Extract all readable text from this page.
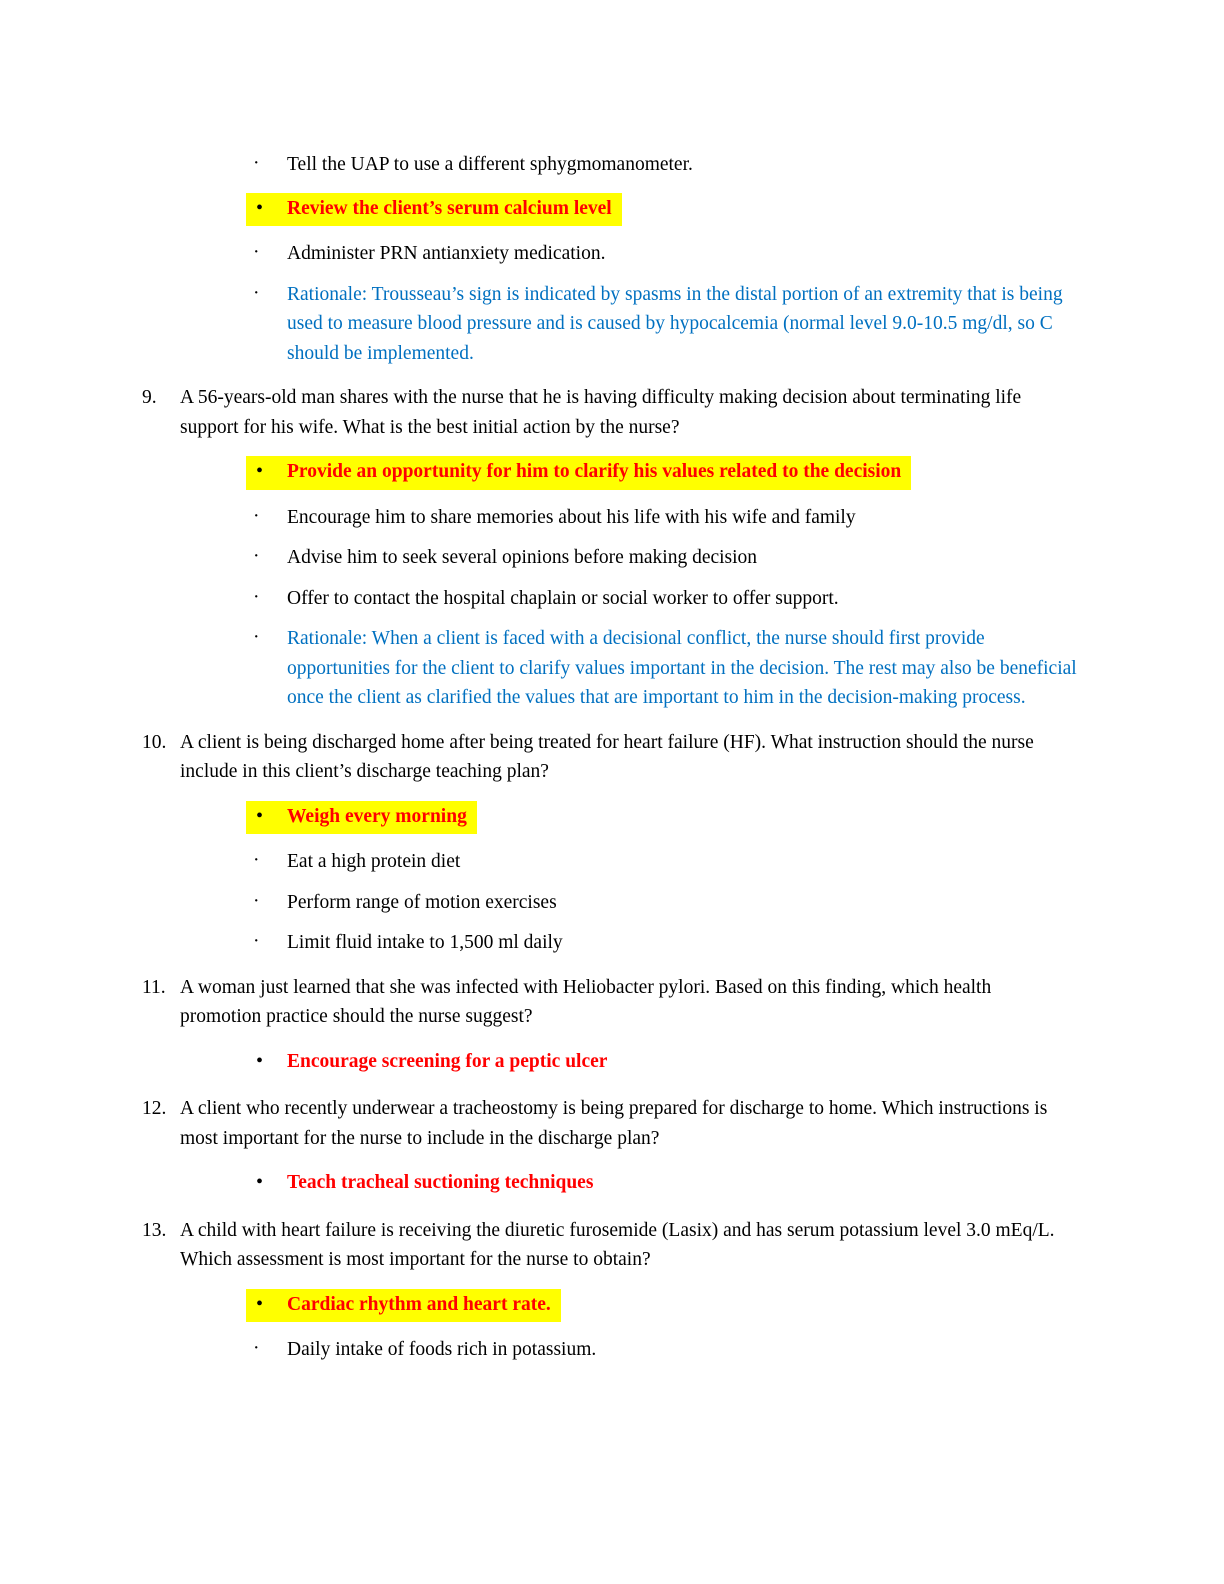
· Tell the UAP to use a different sphygmomanometer.
• Review the client’s serum calcium level
· Administer PRN antianxiety medication.
· Rationale: Trousseau’s sign is indicated by spasms in the distal portion of an extremity that is being used to measure blood pressure and is caused by hypocalcemia (normal level 9.0-10.5 mg/dl, so C should be implemented.
9. A 56-years-old man shares with the nurse that he is having difficulty making decision about terminating life support for his wife. What is the best initial action by the nurse?
• Provide an opportunity for him to clarify his values related to the decision
· Encourage him to share memories about his life with his wife and family
· Advise him to seek several opinions before making decision
· Offer to contact the hospital chaplain or social worker to offer support.
· Rationale: When a client is faced with a decisional conflict, the nurse should first provide opportunities for the client to clarify values important in the decision. The rest may also be beneficial once the client as clarified the values that are important to him in the decision-making process.
10. A client is being discharged home after being treated for heart failure (HF). What instruction should the nurse include in this client’s discharge teaching plan?
• Weigh every morning
· Eat a high protein diet
· Perform range of motion exercises
· Limit fluid intake to 1,500 ml daily
11. A woman just learned that she was infected with Heliobacter pylori. Based on this finding, which health promotion practice should the nurse suggest?
• Encourage screening for a peptic ulcer
12. A client who recently underwear a tracheostomy is being prepared for discharge to home. Which instructions is most important for the nurse to include in the discharge plan?
• Teach tracheal suctioning techniques
13. A child with heart failure is receiving the diuretic furosemide (Lasix) and has serum potassium level 3.0 mEq/L. Which assessment is most important for the nurse to obtain?
• Cardiac rhythm and heart rate.
· Daily intake of foods rich in potassium.
